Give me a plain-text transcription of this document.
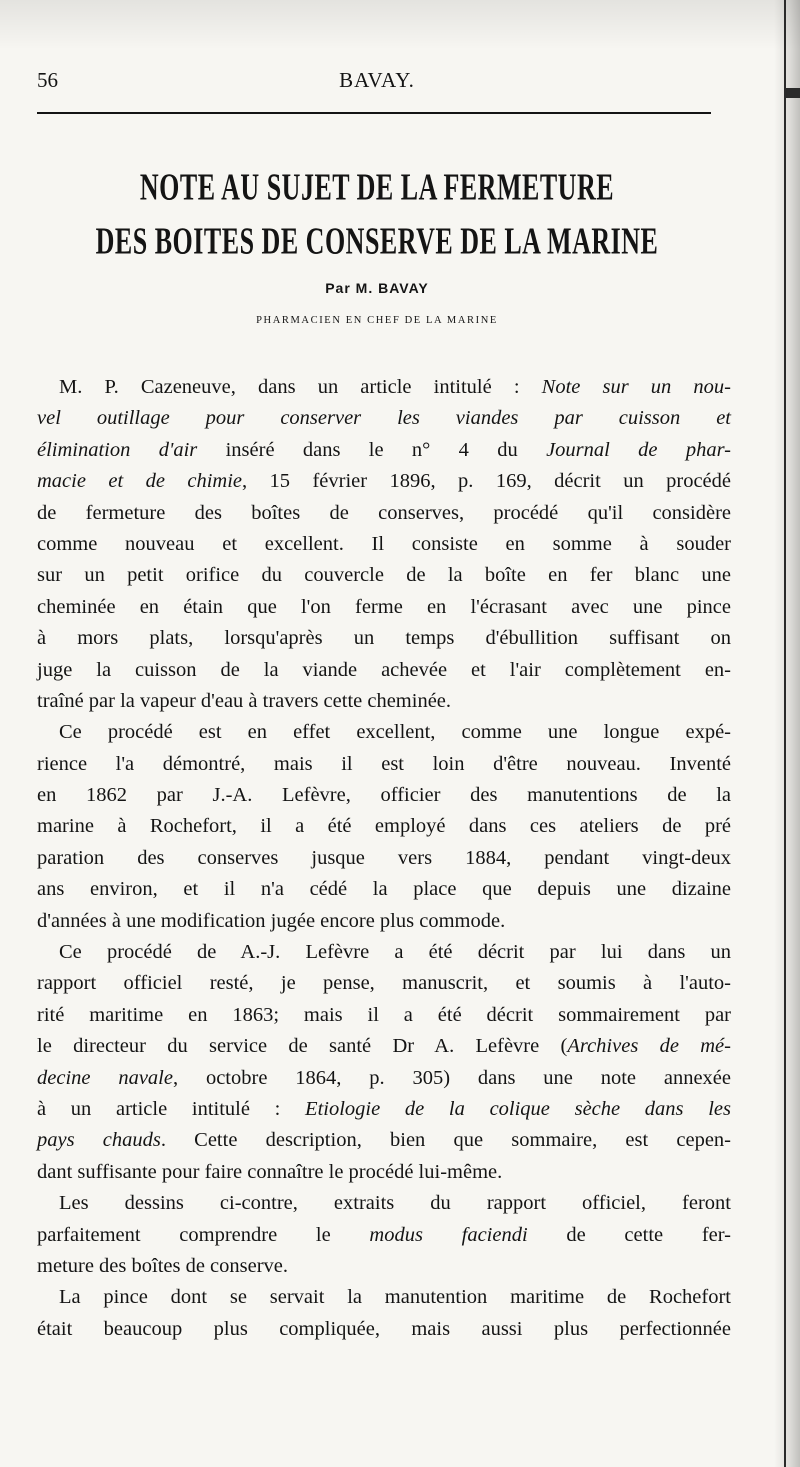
56	BAVAY.
NOTE AU SUJET DE LA FERMETURE
DES BOITES DE CONSERVE DE LA MARINE
Par M. BAVAY
PHARMACIEN EN CHEF DE LA MARINE

M. P. Cazeneuve, dans un article intitulé : Note sur un nou-
vel outillage pour conserver les viandes par cuisson et
élimination d'air inséré dans le n° 4 du Journal de phar-
macie et de chimie, 15 février 1896, p. 169, décrit un procédé
de fermeture des boîtes de conserves, procédé qu'il considère
comme nouveau et excellent. Il consiste en somme à souder
sur un petit orifice du couvercle de la boîte en fer blanc une
cheminée en étain que l'on ferme en l'écrasant avec une pince
à mors plats, lorsqu'après un temps d'ébullition suffisant on
juge la cuisson de la viande achevée et l'air complètement en-
traîné par la vapeur d'eau à travers cette cheminée.

Ce procédé est en effet excellent, comme une longue expé-
rience l'a démontré, mais il est loin d'être nouveau. Inventé
en 1862 par J.-A. Lefèvre, officier des manutentions de la
marine à Rochefort, il a été employé dans ces ateliers de pré
paration des conserves jusque vers 1884, pendant vingt-deux
ans environ, et il n'a cédé la place que depuis une dizaine
d'années à une modification jugée encore plus commode.

Ce procédé de A.-J. Lefèvre a été décrit par lui dans un
rapport officiel resté, je pense, manuscrit, et soumis à l'auto-
rité maritime en 1863; mais il a été décrit sommairement par
le directeur du service de santé Dr A. Lefèvre (Archives de mé-
decine navale, octobre 1864, p. 305) dans une note annexée
à un article intitulé : Etiologie de la colique sèche dans les
pays chauds. Cette description, bien que sommaire, est cepen-
dant suffisante pour faire connaître le procédé lui-même.

Les dessins ci-contre, extraits du rapport officiel, feront
parfaitement comprendre le modus faciendi de cette fer-
meture des boîtes de conserve.

La pince dont se servait la manutention maritime de Rochefort
était beaucoup plus compliquée, mais aussi plus perfectionnée
